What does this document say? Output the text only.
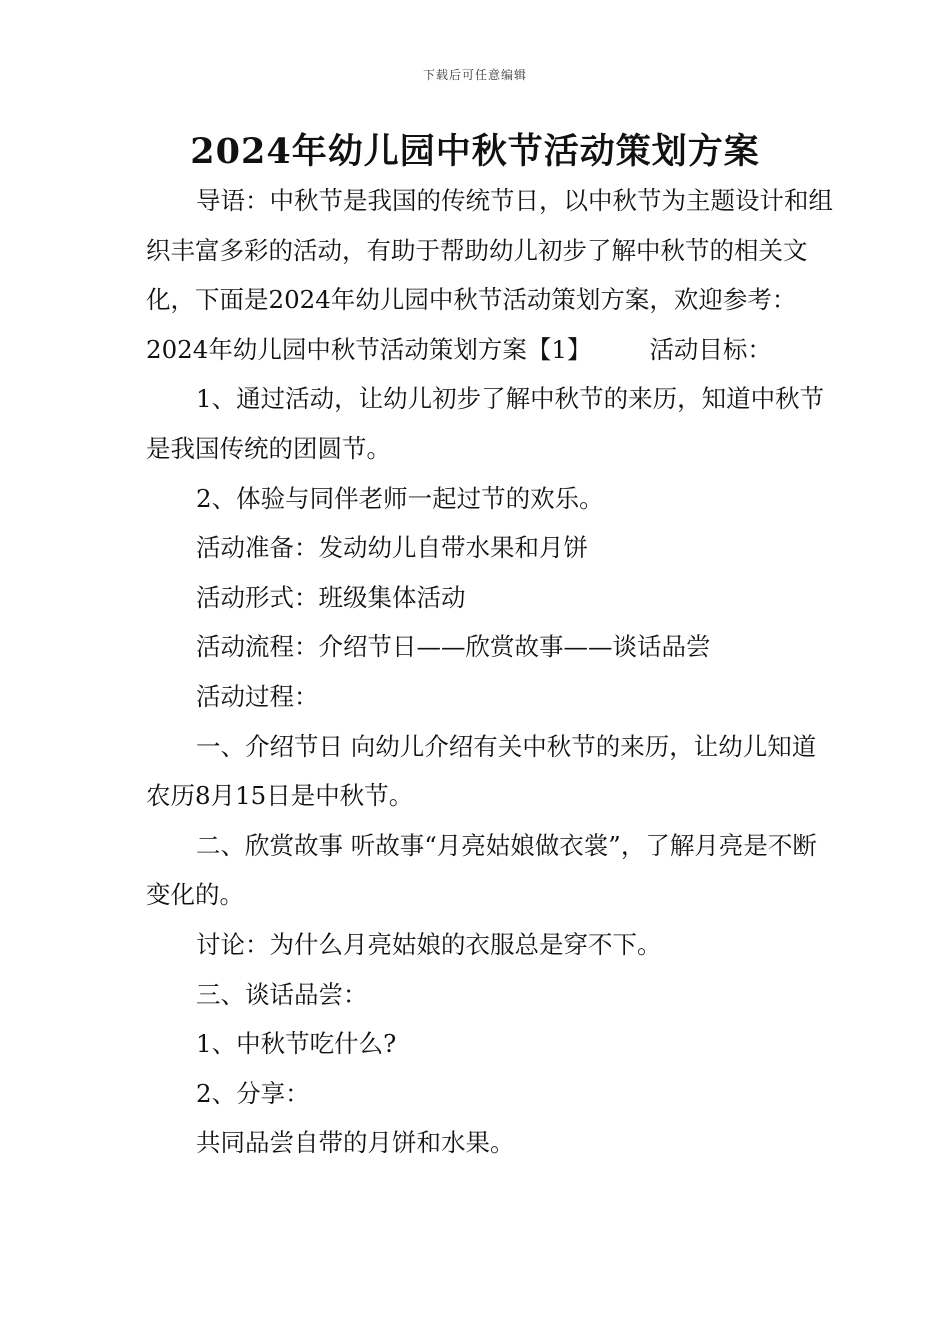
下载后可任意编辑
2024年幼儿园中秋节活动策划方案

导语：中秋节是我国的传统节日，以中秋节为主题设计和组织丰富多彩的活动，有助于帮助幼儿初步了解中秋节的相关文化，下面是2024年幼儿园中秋节活动策划方案，欢迎参考：

2024年幼儿园中秋节活动策划方案【1】 活动目标：

1、通过活动，让幼儿初步了解中秋节的来历，知道中秋节是我国传统的团圆节。

2、体验与同伴老师一起过节的欢乐。

活动准备：发动幼儿自带水果和月饼

活动形式：班级集体活动

活动流程：介绍节日——欣赏故事——谈话品尝

活动过程：

一、介绍节日 向幼儿介绍有关中秋节的来历，让幼儿知道农历8月15日是中秋节。

二、欣赏故事 听故事“月亮姑娘做衣裳”，了解月亮是不断变化的。

讨论：为什么月亮姑娘的衣服总是穿不下。

三、谈话品尝：

1、中秋节吃什么?

2、分享：

共同品尝自带的月饼和水果。
